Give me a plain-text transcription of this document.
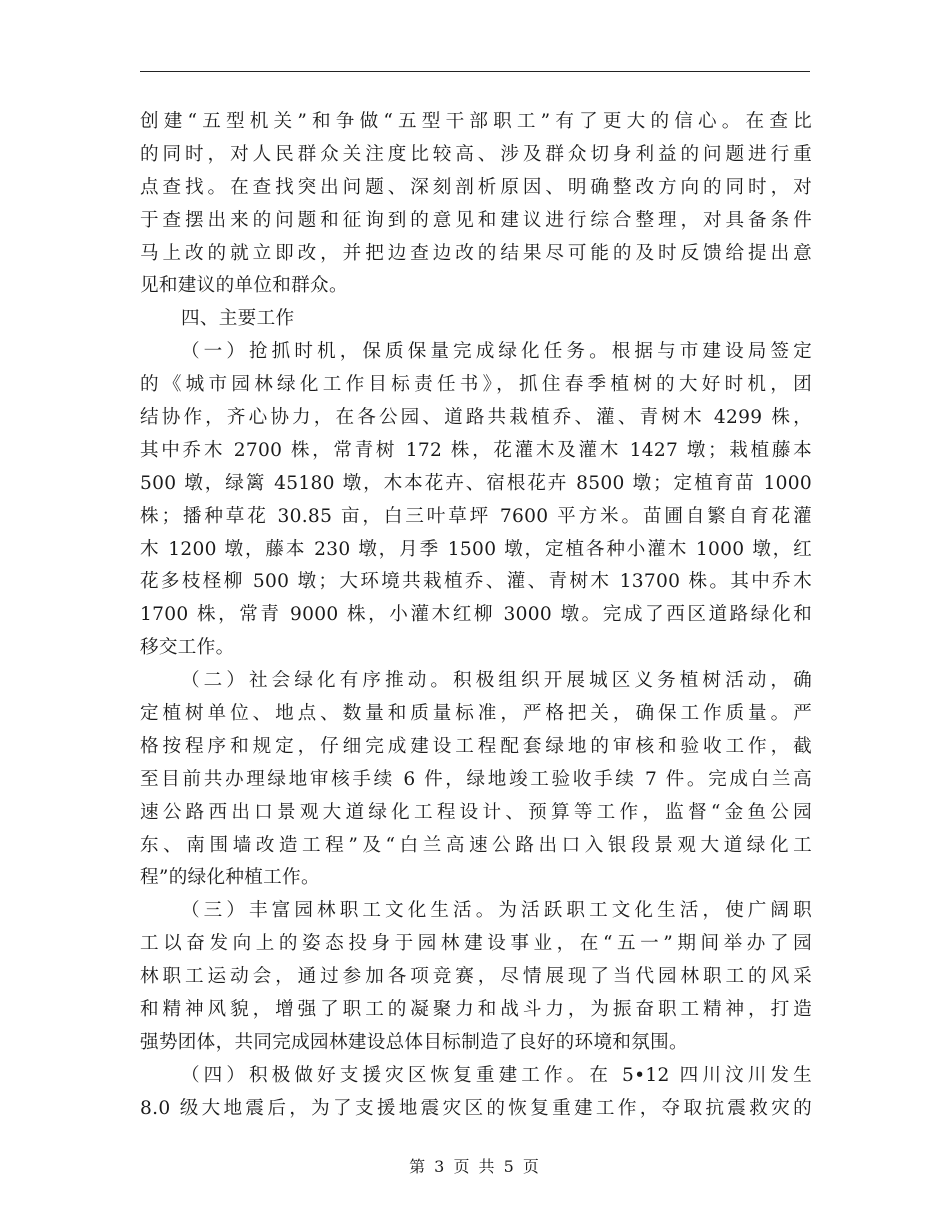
创建“五型机关”和争做“五型干部职工”有了更大的信心。在查比
的同时，对人民群众关注度比较高、涉及群众切身利益的问题进行重
点查找。在查找突出问题、深刻剖析原因、明确整改方向的同时，对
于查摆出来的问题和征询到的意见和建议进行综合整理，对具备条件
马上改的就立即改，并把边查边改的结果尽可能的及时反馈给提出意
见和建议的单位和群众。
四、主要工作
（一）抢抓时机，保质保量完成绿化任务。根据与市建设局签定
的《城市园林绿化工作目标责任书》，抓住春季植树的大好时机，团
结协作，齐心协力，在各公园、道路共栽植乔、灌、青树木 4299 株，
其中乔木 2700 株，常青树 172 株，花灌木及灌木 1427 墩；栽植藤本
500 墩，绿篱 45180 墩，木本花卉、宿根花卉 8500 墩；定植育苗 1000
株；播种草花 30.85 亩，白三叶草坪 7600 平方米。苗圃自繁自育花灌
木 1200 墩，藤本 230 墩，月季 1500 墩，定植各种小灌木 1000 墩，红
花多枝柽柳 500 墩；大环境共栽植乔、灌、青树木 13700 株。其中乔木
1700 株，常青 9000 株，小灌木红柳 3000 墩。完成了西区道路绿化和
移交工作。
（二）社会绿化有序推动。积极组织开展城区义务植树活动，确
定植树单位、地点、数量和质量标准，严格把关，确保工作质量。严
格按程序和规定，仔细完成建设工程配套绿地的审核和验收工作，截
至目前共办理绿地审核手续 6 件，绿地竣工验收手续 7 件。完成白兰高
速公路西出口景观大道绿化工程设计、预算等工作，监督“金鱼公园
东、南围墙改造工程”及“白兰高速公路出口入银段景观大道绿化工
程”的绿化种植工作。
（三）丰富园林职工文化生活。为活跃职工文化生活，使广阔职
工以奋发向上的姿态投身于园林建设事业，在“五一”期间举办了园
林职工运动会，通过参加各项竞赛，尽情展现了当代园林职工的风采
和精神风貌，增强了职工的凝聚力和战斗力，为振奋职工精神，打造
强势团体，共同完成园林建设总体目标制造了良好的环境和氛围。
（四）积极做好支援灾区恢复重建工作。在 5•12 四川汶川发生
8.0 级大地震后，为了支援地震灾区的恢复重建工作，夺取抗震救灾的
第 3 页 共 5 页
